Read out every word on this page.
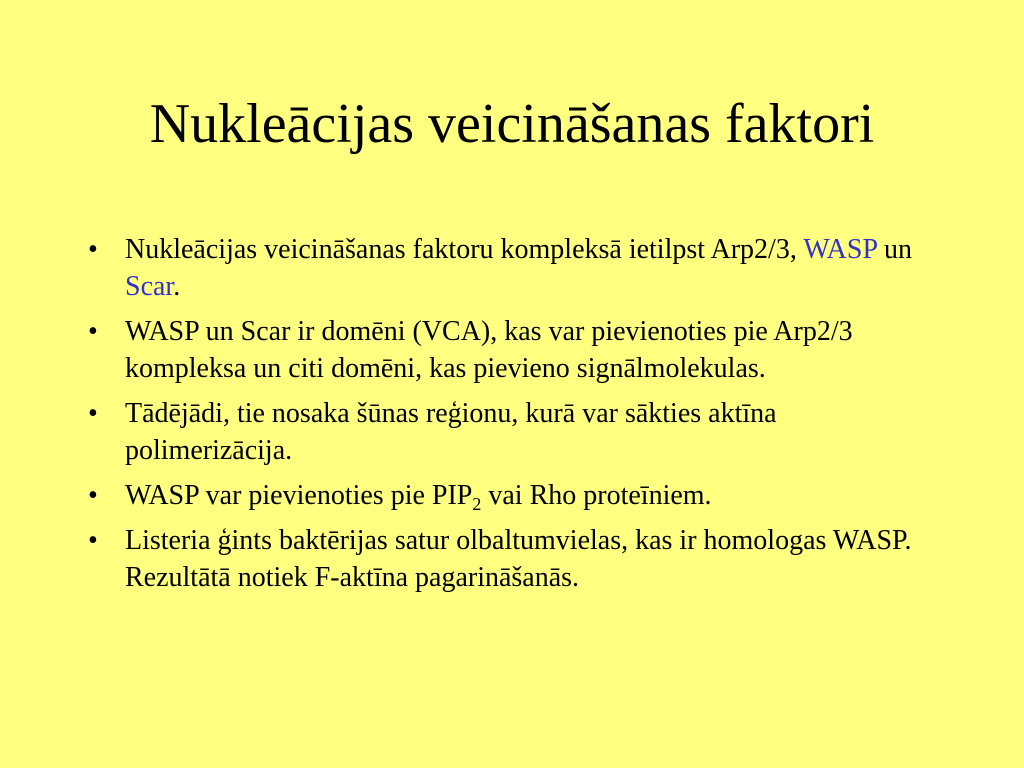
Nukleācijas veicināšanas faktori
• Nukleācijas veicināšanas faktoru kompleksā ietilpst Arp2/3, WASP un Scar.
• WASP un Scar ir domēni (VCA), kas var pievienoties pie Arp2/3 kompleksa un citi domēni, kas pievieno signālmolekulas.
• Tādējādi, tie nosaka šūnas reģionu, kurā var sākties aktīna polimerizācija.
• WASP var pievienoties pie $PIP_2$ vai Rho proteīniem.
• Listeria ģints baktērijas satur olbaltumvielas, kas ir homologas WASP. Rezultātā notiek F-aktīna pagarināšanās.
